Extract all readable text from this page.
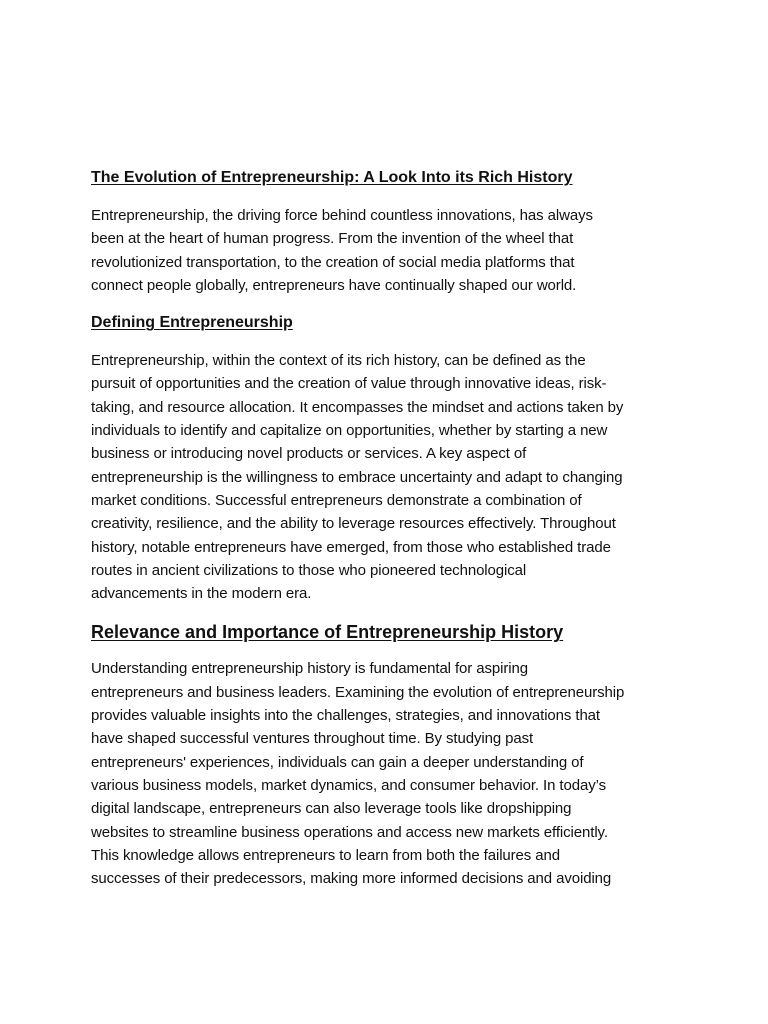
The Evolution of Entrepreneurship: A Look Into its Rich History

Entrepreneurship, the driving force behind countless innovations, has always
been at the heart of human progress. From the invention of the wheel that
revolutionized transportation, to the creation of social media platforms that
connect people globally, entrepreneurs have continually shaped our world.

Defining Entrepreneurship

Entrepreneurship, within the context of its rich history, can be defined as the
pursuit of opportunities and the creation of value through innovative ideas, risk-
taking, and resource allocation. It encompasses the mindset and actions taken by
individuals to identify and capitalize on opportunities, whether by starting a new
business or introducing novel products or services. A key aspect of
entrepreneurship is the willingness to embrace uncertainty and adapt to changing
market conditions. Successful entrepreneurs demonstrate a combination of
creativity, resilience, and the ability to leverage resources effectively. Throughout
history, notable entrepreneurs have emerged, from those who established trade
routes in ancient civilizations to those who pioneered technological
advancements in the modern era.

Relevance and Importance of Entrepreneurship History

Understanding entrepreneurship history is fundamental for aspiring
entrepreneurs and business leaders. Examining the evolution of entrepreneurship
provides valuable insights into the challenges, strategies, and innovations that
have shaped successful ventures throughout time. By studying past
entrepreneurs' experiences, individuals can gain a deeper understanding of
various business models, market dynamics, and consumer behavior. In today’s
digital landscape, entrepreneurs can also leverage tools like dropshipping
websites to streamline business operations and access new markets efficiently.
This knowledge allows entrepreneurs to learn from both the failures and
successes of their predecessors, making more informed decisions and avoiding
